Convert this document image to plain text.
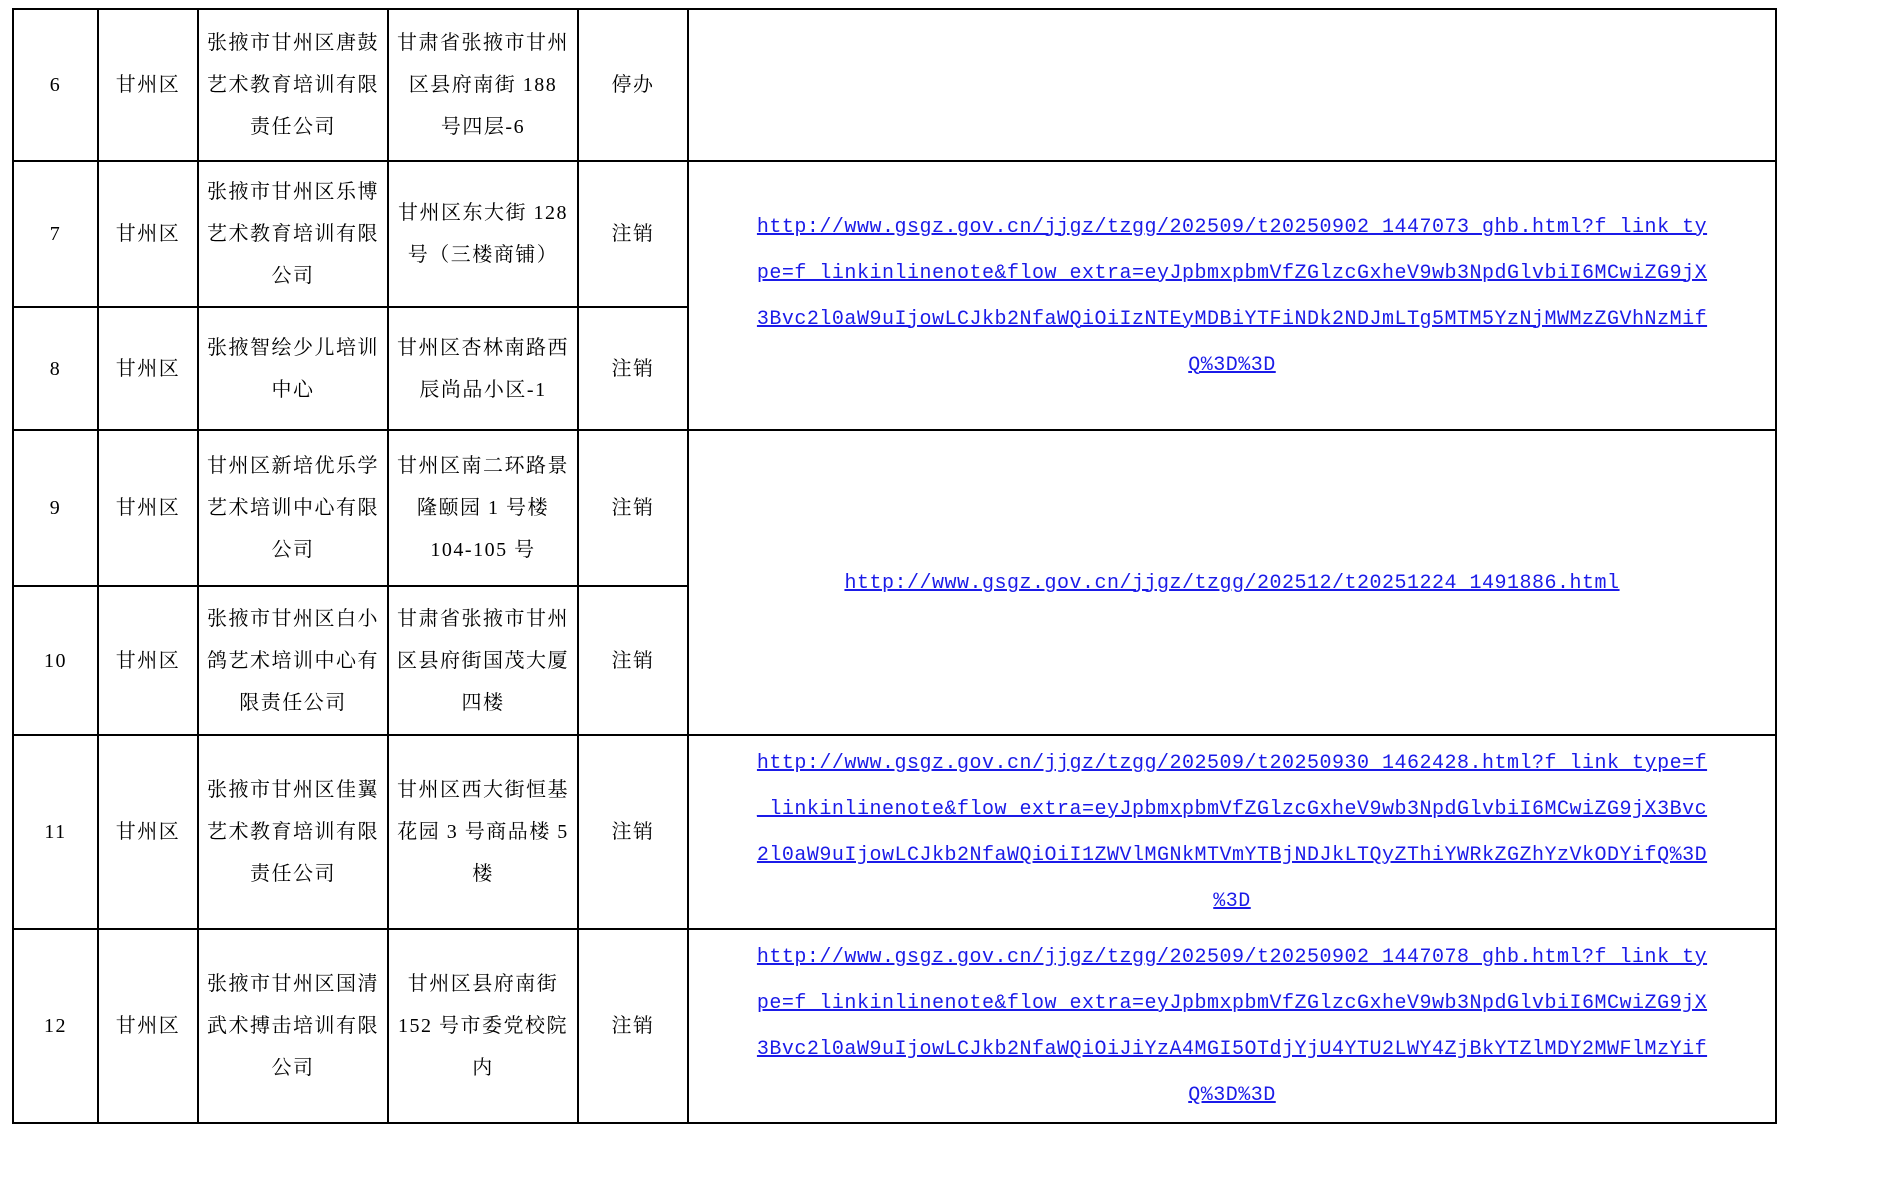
6	甘州区	张掖市甘州区唐鼓艺术教育培训有限责任公司	甘肃省张掖市甘州区县府南街 188 号四层-6	停办	
7	甘州区	张掖市甘州区乐博艺术教育培训有限公司	甘州区东大街 128 号（三楼商铺）	注销	http://www.gsgz.gov.cn/jjgz/tzgg/202509/t20250902_1447073_ghb.html?f_link_ty
pe=f_linkinlinenote&flow_extra=eyJpbmxpbmVfZGlzcGxheV9wb3NpdGlvbiI6MCwiZG9jX
3Bvc2l0aW9uIjowLCJkb2NfaWQiOiIzNTEyMDBiYTFiNDk2NDJmLTg5MTM5YzNjMWMzZGVhNzMif
Q%3D%3D

8	甘州区	张掖智绘少儿培训中心	甘州区杏林南路西辰尚品小区-1	注销	
9	甘州区	甘州区新培优乐学艺术培训中心有限公司	甘州区南二环路景隆颐园 1 号楼 104-105 号	注销	http://www.gsgz.gov.cn/jjgz/tzgg/202512/t20251224_1491886.html

10	甘州区	张掖市甘州区白小鸽艺术培训中心有限责任公司	甘肃省张掖市甘州区县府街国茂大厦四楼	注销	
11	甘州区	张掖市甘州区佳翼艺术教育培训有限责任公司	甘州区西大街恒基花园 3 号商品楼 5 楼	注销	http://www.gsgz.gov.cn/jjgz/tzgg/202509/t20250930_1462428.html?f_link_type=f
_linkinlinenote&flow_extra=eyJpbmxpbmVfZGlzcGxheV9wb3NpdGlvbiI6MCwiZG9jX3Bvc
2l0aW9uIjowLCJkb2NfaWQiOiI1ZWVlMGNkMTVmYTBjNDJkLTQyZThiYWRkZGZhYzVkODYifQ%3D
%3D

12	甘州区	张掖市甘州区国清武术搏击培训有限公司	甘州区县府南街 152 号市委党校院内	注销	http://www.gsgz.gov.cn/jjgz/tzgg/202509/t20250902_1447078_ghb.html?f_link_ty
pe=f_linkinlinenote&flow_extra=eyJpbmxpbmVfZGlzcGxheV9wb3NpdGlvbiI6MCwiZG9jX
3Bvc2l0aW9uIjowLCJkb2NfaWQiOiJiYzA4MGI5OTdjYjU4YTU2LWY4ZjBkYTZlMDY2MWFlMzYif
Q%3D%3D
